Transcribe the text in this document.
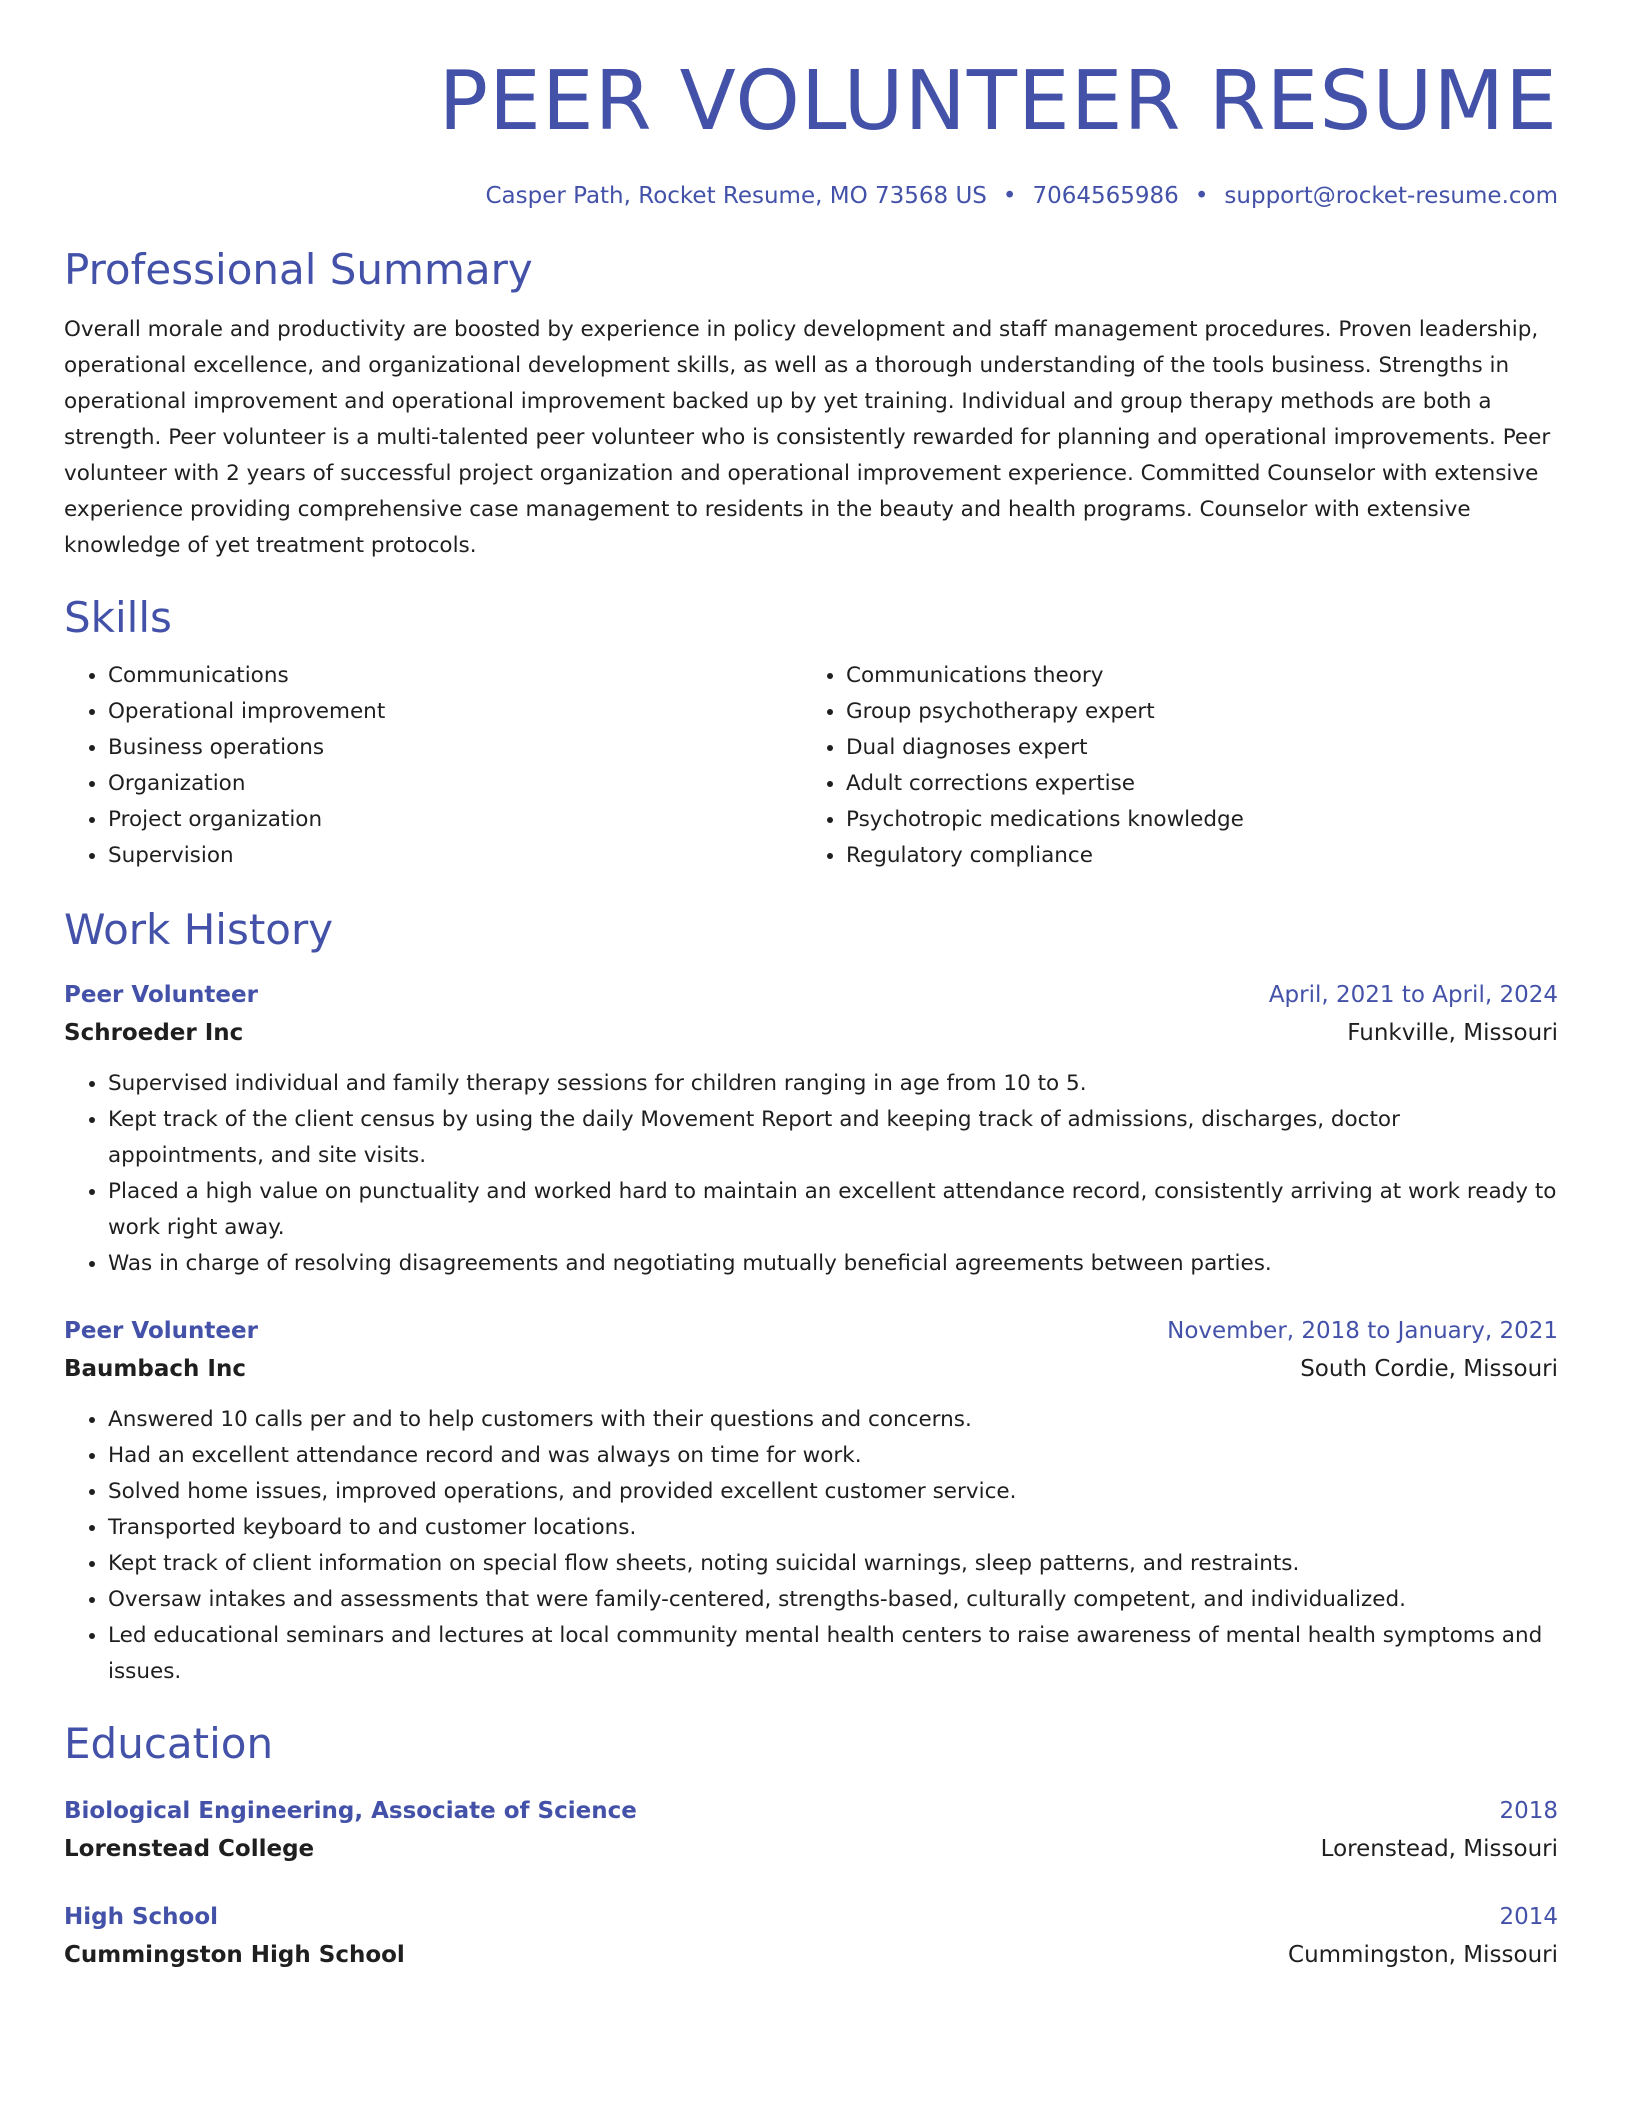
PEER VOLUNTEER RESUME
Casper Path, Rocket Resume, MO 73568 US • 7064565986 • support@rocket-resume.com
Professional Summary
Overall morale and productivity are boosted by experience in policy development and staff management procedures. Proven leadership, operational excellence, and organizational development skills, as well as a thorough understanding of the tools business. Strengths in operational improvement and operational improvement backed up by yet training. Individual and group therapy methods are both a strength. Peer volunteer is a multi-talented peer volunteer who is consistently rewarded for planning and operational improvements. Peer volunteer with 2 years of successful project organization and operational improvement experience. Committed Counselor with extensive experience providing comprehensive case management to residents in the beauty and health programs. Counselor with extensive knowledge of yet treatment protocols.
Skills
• Communications
• Operational improvement
• Business operations
• Organization
• Project organization
• Supervision
• Communications theory
• Group psychotherapy expert
• Dual diagnoses expert
• Adult corrections expertise
• Psychotropic medications knowledge
• Regulatory compliance
Work History
Peer Volunteer	April, 2021 to April, 2024
Schroeder Inc	Funkville, Missouri
• Supervised individual and family therapy sessions for children ranging in age from 10 to 5.
• Kept track of the client census by using the daily Movement Report and keeping track of admissions, discharges, doctor appointments, and site visits.
• Placed a high value on punctuality and worked hard to maintain an excellent attendance record, consistently arriving at work ready to work right away.
• Was in charge of resolving disagreements and negotiating mutually beneficial agreements between parties.
Peer Volunteer	November, 2018 to January, 2021
Baumbach Inc	South Cordie, Missouri
• Answered 10 calls per and to help customers with their questions and concerns.
• Had an excellent attendance record and was always on time for work.
• Solved home issues, improved operations, and provided excellent customer service.
• Transported keyboard to and customer locations.
• Kept track of client information on special flow sheets, noting suicidal warnings, sleep patterns, and restraints.
• Oversaw intakes and assessments that were family-centered, strengths-based, culturally competent, and individualized.
• Led educational seminars and lectures at local community mental health centers to raise awareness of mental health symptoms and issues.
Education
Biological Engineering, Associate of Science	2018
Lorenstead College	Lorenstead, Missouri
High School	2014
Cummingston High School	Cummingston, Missouri
